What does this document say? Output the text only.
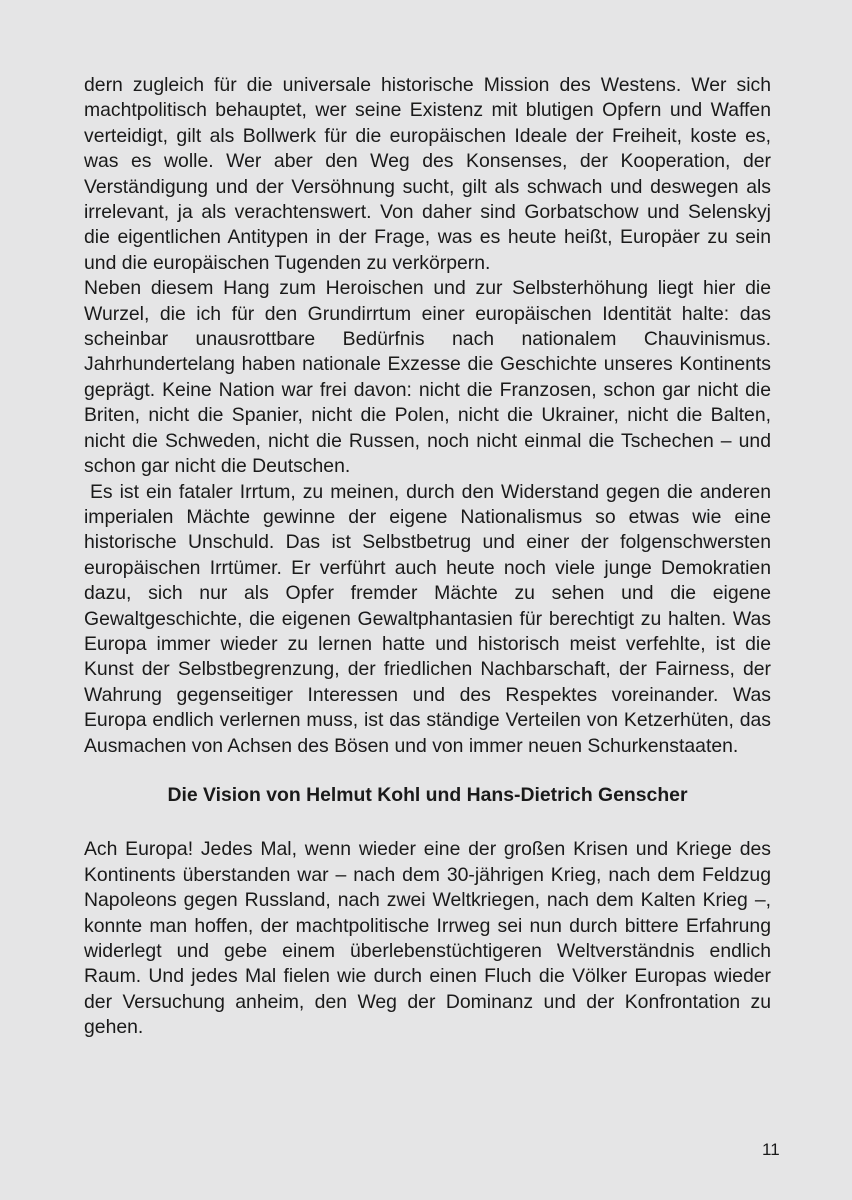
dern zugleich für die universale historische Mission des Westens. Wer sich machtpolitisch behauptet, wer seine Existenz mit blutigen Opfern und Waffen verteidigt, gilt als Bollwerk für die europäischen Ideale der Freiheit, koste es, was es wolle. Wer aber den Weg des Konsenses, der Kooperation, der Verständigung und der Versöhnung sucht, gilt als schwach und deswegen als irrelevant, ja als verachtenswert. Von daher sind Gorbatschow und Selenskyj die eigentlichen Antitypen in der Frage, was es heute heißt, Europäer zu sein und die europäischen Tugenden zu verkörpern.

Neben diesem Hang zum Heroischen und zur Selbsterhöhung liegt hier die Wurzel, die ich für den Grundirrtum einer europäischen Identität halte: das scheinbar unausrottbare Bedürfnis nach nationalem Chauvinismus. Jahrhundertelang haben nationale Exzesse die Geschichte unseres Kontinents geprägt. Keine Nation war frei davon: nicht die Franzosen, schon gar nicht die Briten, nicht die Spanier, nicht die Polen, nicht die Ukrainer, nicht die Balten, nicht die Schweden, nicht die Russen, noch nicht einmal die Tschechen – und schon gar nicht die Deutschen.

Es ist ein fataler Irrtum, zu meinen, durch den Widerstand gegen die anderen imperialen Mächte gewinne der eigene Nationalismus so etwas wie eine historische Unschuld. Das ist Selbstbetrug und einer der folgenschwersten europäischen Irrtümer. Er verführt auch heute noch viele junge Demokratien dazu, sich nur als Opfer fremder Mächte zu sehen und die eigene Gewaltgeschichte, die eigenen Gewaltphantasien für berechtigt zu halten. Was Europa immer wieder zu lernen hatte und historisch meist verfehlte, ist die Kunst der Selbstbegrenzung, der friedlichen Nachbarschaft, der Fairness, der Wahrung gegenseitiger Interessen und des Respektes voreinander. Was Europa endlich verlernen muss, ist das ständige Verteilen von Ketzerhüten, das Ausmachen von Achsen des Bösen und von immer neuen Schurkenstaaten.

Die Vision von Helmut Kohl und Hans-Dietrich Genscher

Ach Europa! Jedes Mal, wenn wieder eine der großen Krisen und Kriege des Kontinents überstanden war – nach dem 30-jährigen Krieg, nach dem Feldzug Napoleons gegen Russland, nach zwei Weltkriegen, nach dem Kalten Krieg –, konnte man hoffen, der machtpolitische Irrweg sei nun durch bittere Erfahrung widerlegt und gebe einem überlebenstüchtigeren Weltverständnis endlich Raum. Und jedes Mal fielen wie durch einen Fluch die Völker Europas wieder der Versuchung anheim, den Weg der Dominanz und der Konfrontation zu gehen.

11
